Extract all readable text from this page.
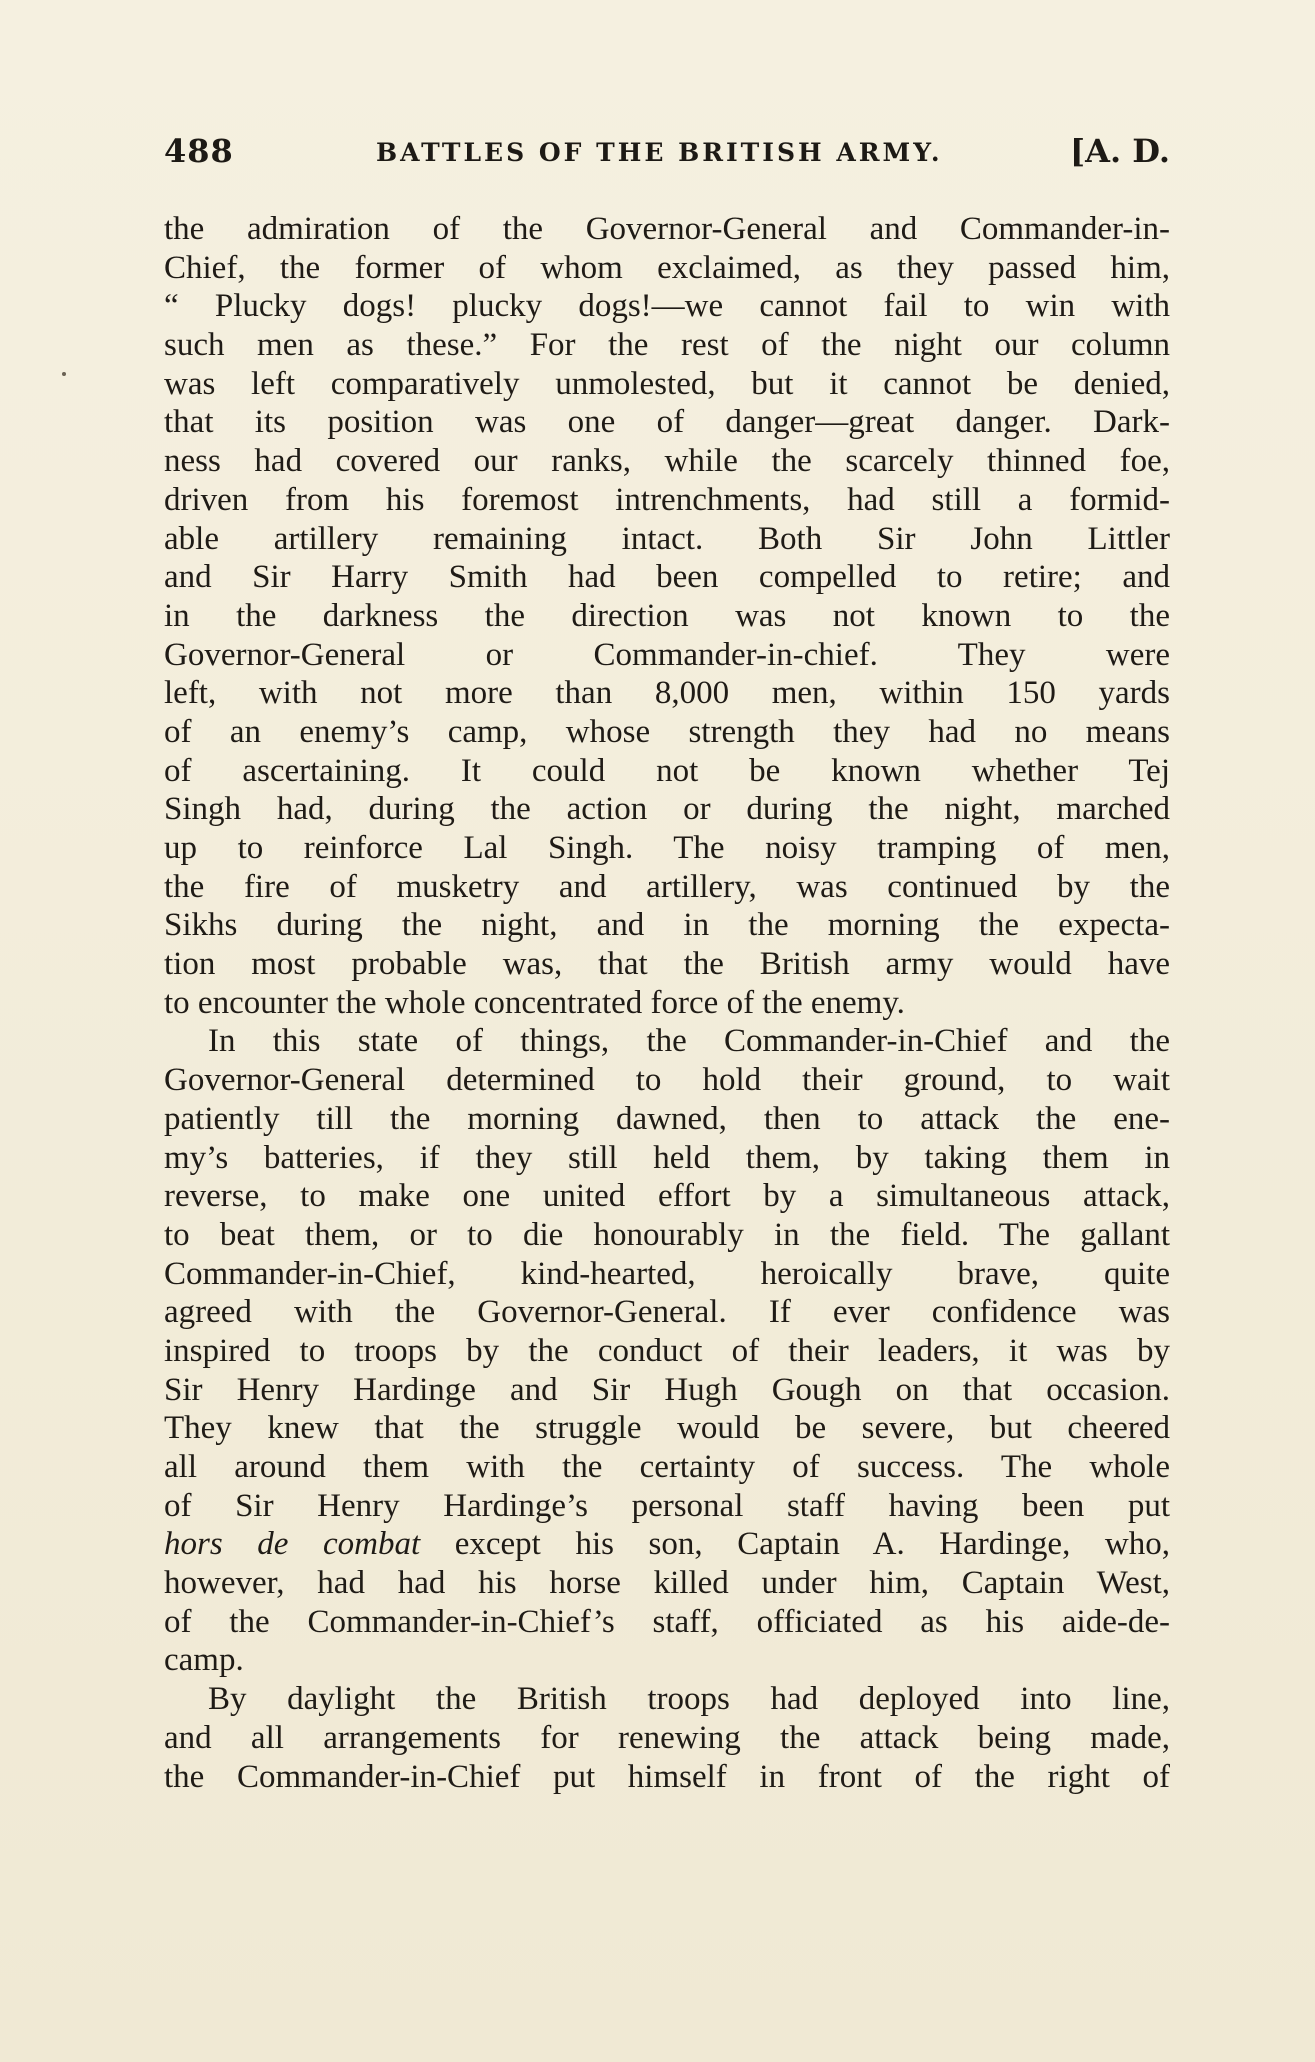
488	BATTLES OF THE BRITISH ARMY.	[A. D.
the admiration of the Governor-General and Commander-in-
Chief, the former of whom exclaimed, as they passed him,
“ Plucky dogs! plucky dogs!—we cannot fail to win with
such men as these.” For the rest of the night our column
was left comparatively unmolested, but it cannot be denied,
that its position was one of danger—great danger. Dark-
ness had covered our ranks, while the scarcely thinned foe,
driven from his foremost intrenchments, had still a formid-
able artillery remaining intact. Both Sir John Littler
and Sir Harry Smith had been compelled to retire; and
in the darkness the direction was not known to the
Governor-General or Commander-in-chief. They were
left, with not more than 8,000 men, within 150 yards
of an enemy’s camp, whose strength they had no means
of ascertaining. It could not be known whether Tej
Singh had, during the action or during the night, marched
up to reinforce Lal Singh. The noisy tramping of men,
the fire of musketry and artillery, was continued by the
Sikhs during the night, and in the morning the expecta-
tion most probable was, that the British army would have
to encounter the whole concentrated force of the enemy.
In this state of things, the Commander-in-Chief and the
Governor-General determined to hold their ground, to wait
patiently till the morning dawned, then to attack the ene-
my’s batteries, if they still held them, by taking them in
reverse, to make one united effort by a simultaneous attack,
to beat them, or to die honourably in the field. The gallant
Commander-in-Chief, kind-hearted, heroically brave, quite
agreed with the Governor-General. If ever confidence was
inspired to troops by the conduct of their leaders, it was by
Sir Henry Hardinge and Sir Hugh Gough on that occasion.
They knew that the struggle would be severe, but cheered
all around them with the certainty of success. The whole
of Sir Henry Hardinge’s personal staff having been put
hors de combat except his son, Captain A. Hardinge, who,
however, had had his horse killed under him, Captain West,
of the Commander-in-Chief’s staff, officiated as his aide-de-
camp.
By daylight the British troops had deployed into line,
and all arrangements for renewing the attack being made,
the Commander-in-Chief put himself in front of the right of
